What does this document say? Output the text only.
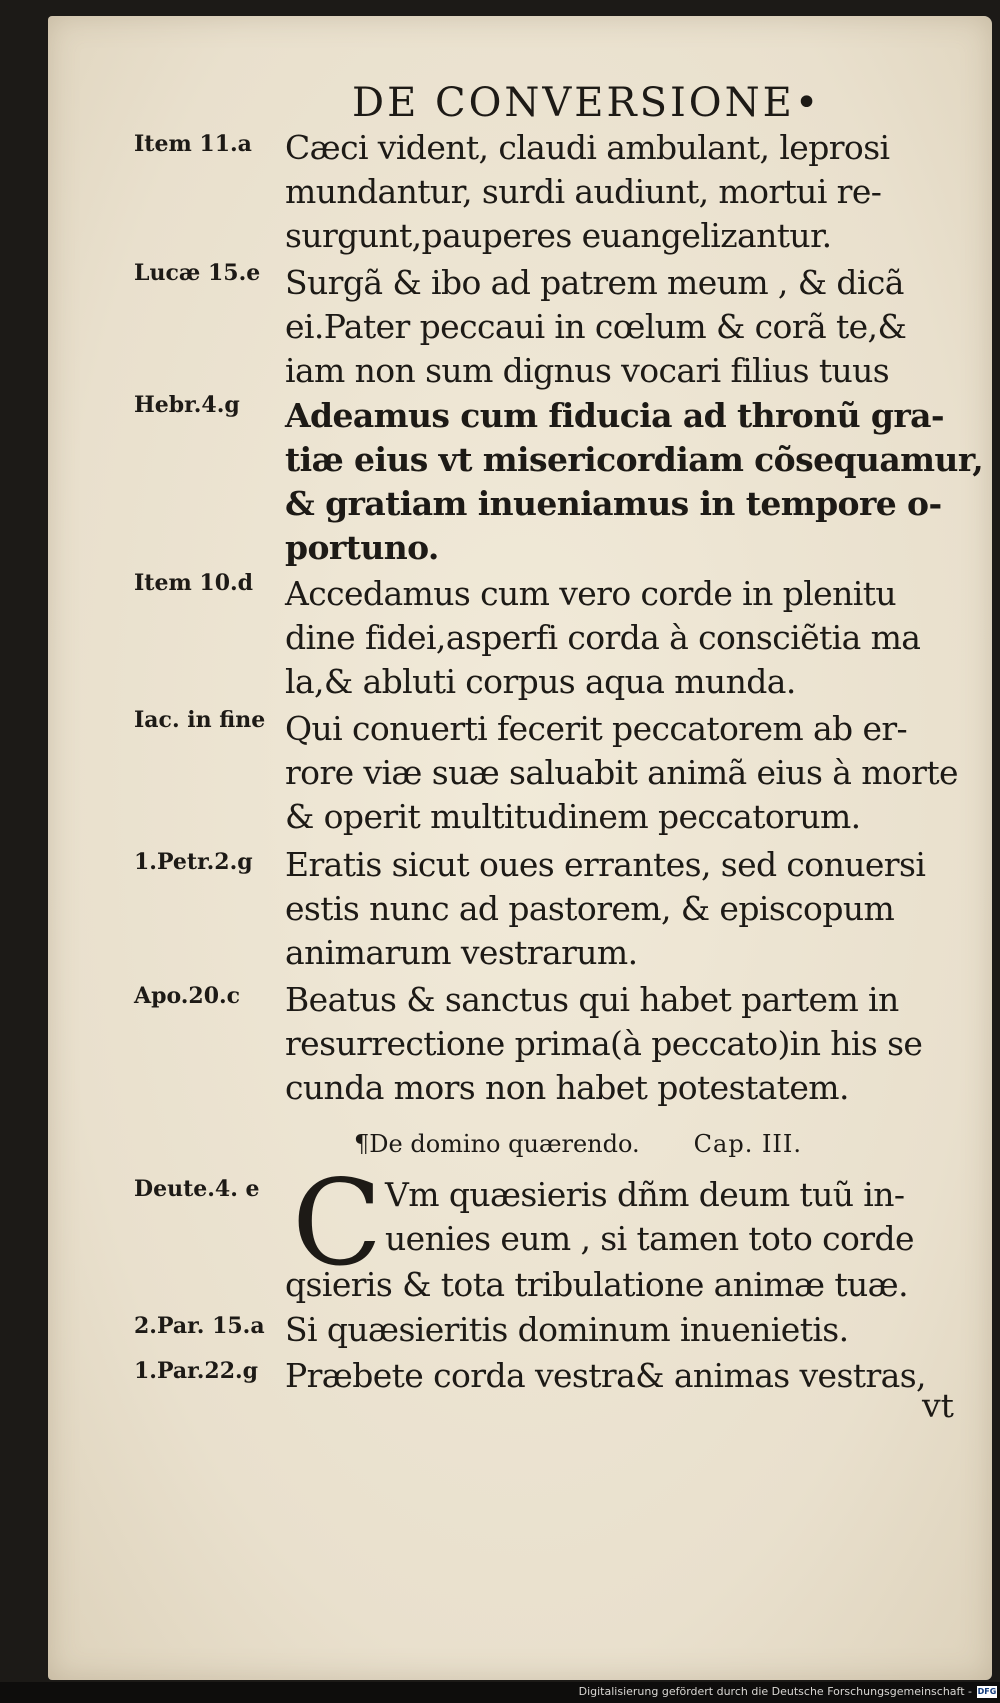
DE CONVERSIONE•
Item 11.a
Lucæ 15.e
Hebr.4.g
Item 10.d
Iac. in fine
1.Petr.2.g
Apo.20.c
Deute.4. e
2.Par. 15.a
1.Par.22.g
Cæci vident, claudi ambulant, leprosi
mundantur, surdi audiunt, mortui re-
surgunt,pauperes euangelizantur.
Surgã & ibo ad patrem meum , & dicã
ei.Pater peccaui in cœlum & corã te,&
iam non sum dignus vocari filius tuus
Adeamus cum fiducia ad thronũ gra-
tiæ eius vt misericordiam cõsequamur,
& gratiam inueniamus in tempore o-
portuno.
Accedamus cum vero corde in plenitu
dine fidei,asperfi corda à consciẽtia ma
la,& abluti corpus aqua munda.
Qui conuerti fecerit peccatorem ab er-
rore viæ suæ saluabit animã eius à morte
& operit multitudinem peccatorum.
Eratis sicut oues errantes, sed conuersi
estis nunc ad pastorem, & episcopum
animarum vestrarum.
Beatus & sanctus qui habet partem in
resurrectione prima(à peccato)in his se
cunda mors non habet potestatem.
¶De domino quærendo. Cap. III.
C Vm quæsieris dñm deum tuũ in-
uenies eum , si tamen toto corde
qsieris & tota tribulatione animæ tuæ.
Si quæsieritis dominum inuenietis.
Præbete corda vestra& animas vestras,
vt
Digitalisierung gefördert durch die Deutsche Forschungsgemeinschaft - DFG
